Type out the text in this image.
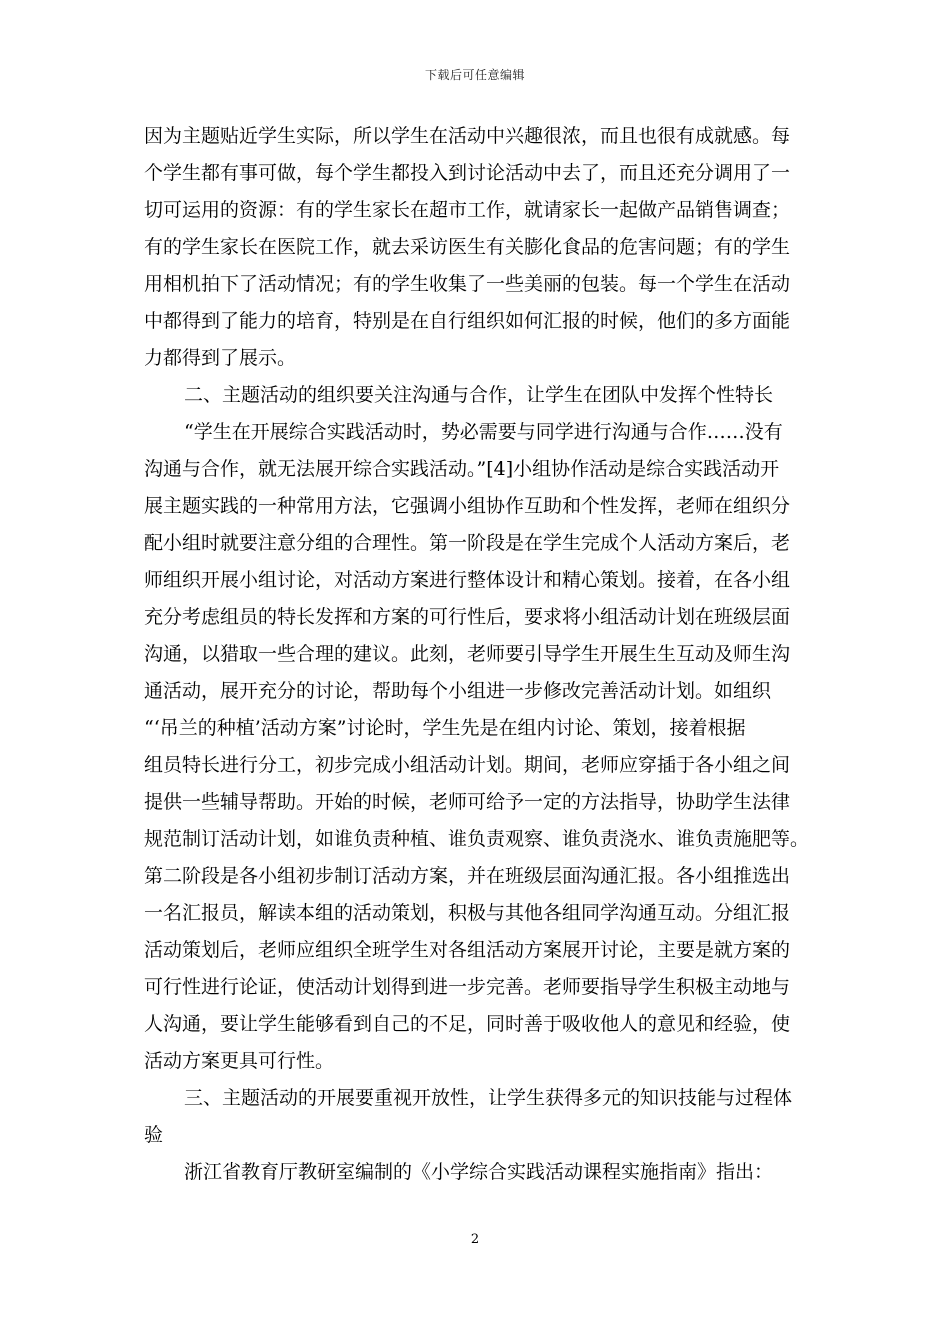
下载后可任意编辑
因为主题贴近学生实际，所以学生在活动中兴趣很浓，而且也很有成就感。每
个学生都有事可做，每个学生都投入到讨论活动中去了，而且还充分调用了一
切可运用的资源：有的学生家长在超市工作，就请家长一起做产品销售调查；
有的学生家长在医院工作，就去采访医生有关膨化食品的危害问题；有的学生
用相机拍下了活动情况；有的学生收集了一些美丽的包装。每一个学生在活动
中都得到了能力的培育，特别是在自行组织如何汇报的时候，他们的多方面能
力都得到了展示。
二、主题活动的组织要关注沟通与合作，让学生在团队中发挥个性特长
“学生在开展综合实践活动时，势必需要与同学进行沟通与合作……没有
沟通与合作，就无法展开综合实践活动。”[4]小组协作活动是综合实践活动开
展主题实践的一种常用方法，它强调小组协作互助和个性发挥，老师在组织分
配小组时就要注意分组的合理性。第一阶段是在学生完成个人活动方案后，老
师组织开展小组讨论，对活动方案进行整体设计和精心策划。接着，在各小组
充分考虑组员的特长发挥和方案的可行性后，要求将小组活动计划在班级层面
沟通，以猎取一些合理的建议。此刻，老师要引导学生开展生生互动及师生沟
通活动，展开充分的讨论，帮助每个小组进一步修改完善活动计划。如组织
“‘吊兰的种植’活动方案”讨论时，学生先是在组内讨论、策划，接着根据
组员特长进行分工，初步完成小组活动计划。期间，老师应穿插于各小组之间
提供一些辅导帮助。开始的时候，老师可给予一定的方法指导，协助学生法律
规范制订活动计划，如谁负责种植、谁负责观察、谁负责浇水、谁负责施肥等。
第二阶段是各小组初步制订活动方案，并在班级层面沟通汇报。各小组推选出
一名汇报员，解读本组的活动策划，积极与其他各组同学沟通互动。分组汇报
活动策划后，老师应组织全班学生对各组活动方案展开讨论，主要是就方案的
可行性进行论证，使活动计划得到进一步完善。老师要指导学生积极主动地与
人沟通，要让学生能够看到自己的不足，同时善于吸收他人的意见和经验，使
活动方案更具可行性。
三、主题活动的开展要重视开放性，让学生获得多元的知识技能与过程体
验
浙江省教育厅教研室编制的《小学综合实践活动课程实施指南》指出：
2
